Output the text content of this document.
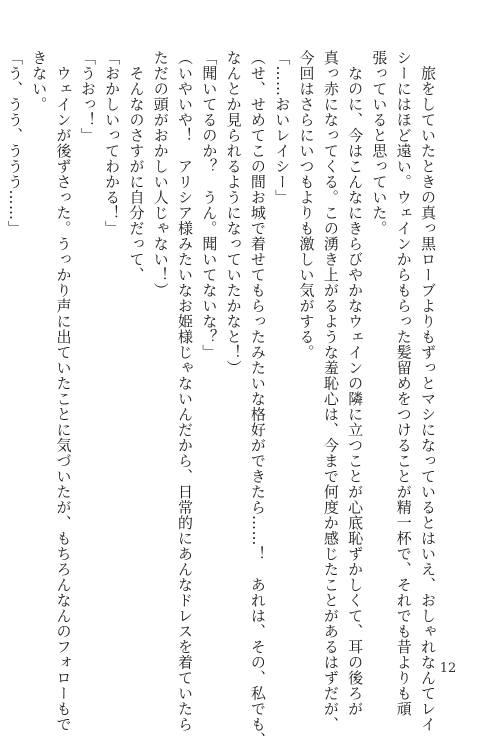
　旅をしていたときの真っ黒ローブよりもずっとマシになっているとはいえ、おしゃれなんてレイ
シーにはほど遠い。ウェインからもらった髪留めをつけることが精一杯で、それでも昔よりも頑
張っていると思っていた。
　なのに、今はこんなにきらびやかなウェインの隣に立つことが心底恥ずかしくて、耳の後ろが
真っ赤になってくる。この湧き上がるような羞恥心は、今まで何度か感じたことがあるはずだが、
今回はさらにいつもよりも激しい気がする。
「……おいレイシー」
（せ、せめてこの間お城で着せてもらったみたいな格好ができたら……！　あれは、その、私でも、
なんとか見られるようになっていたかなと！）
「聞いてるのか？　うん。聞いてないな？」
（いやいや！　アリシア様みたいなお姫様じゃないんだから、日常的にあんなドレスを着ていたら
ただの頭がおかしい人じゃない！）
　そんなのさすがに自分だって、
「おかしいってわかる！」
「うおっ！」
　ウェインが後ずさった。うっかり声に出ていたことに気づいたが、もちろんなんのフォローもで
きない。
「う、うう、ううう……」
12
